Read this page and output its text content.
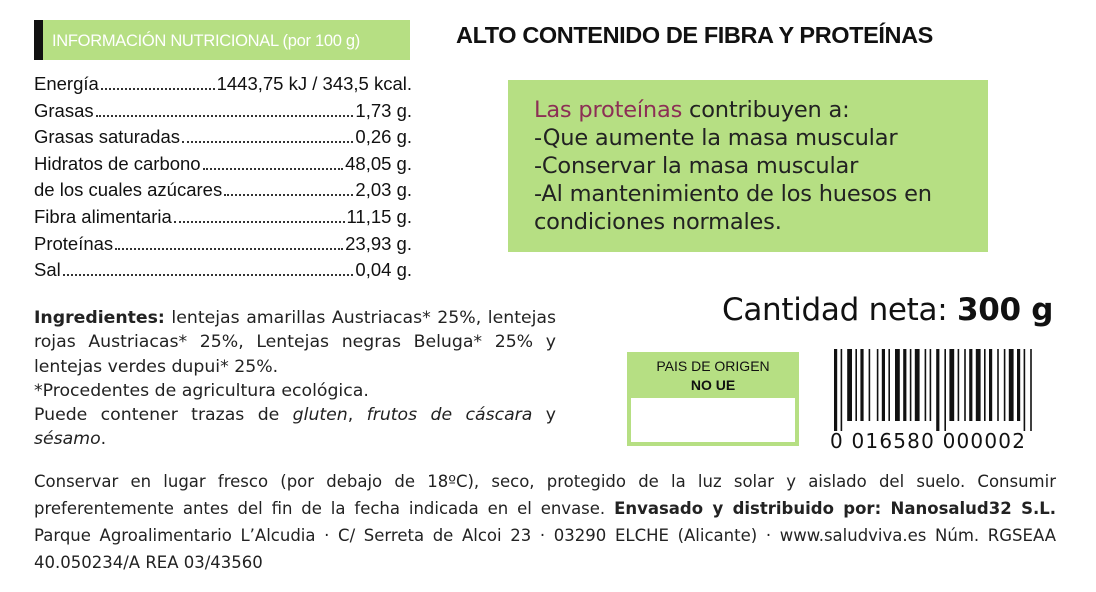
INFORMACIÓN NUTRICIONAL (por 100 g)	ALTO CONTENIDO DE FIBRA Y PROTEÍNAS
Energía	1443,75 kJ / 343,5 kcal.
Grasas	1,73 g.
Grasas saturadas	0,26 g.
Hidratos de carbono	48,05 g.
de los cuales azúcares	2,03 g.
Fibra alimentaria	11,15 g.
Proteínas	23,93 g.
Sal	0,04 g.
Las proteínas contribuyen a:
-Que aumente la masa muscular
-Conservar la masa muscular
-Al mantenimiento de los huesos en
condiciones normales.

Ingredientes: lentejas amarillas Austriacas* 25%, lentejas rojas Austriacas* 25%, Lentejas negras Beluga* 25% y lentejas verdes dupui* 25%.

*Procedentes de agricultura ecológica.

Puede contener trazas de gluten, frutos de cáscara y sésamo.

Cantidad neta: 300 g
PAIS DE ORIGEN
NO UE
0 016580 000002

Conservar en lugar fresco (por debajo de 18ºC), seco, protegido de la luz solar y aislado del suelo. Consumir preferentemente antes del fin de la fecha indicada en el envase. Envasado y distribuido por: Nanosalud32 S.L. Parque Agroalimentario L’Alcudia · C/ Serreta de Alcoi 23 · 03290 ELCHE (Alicante) · www.saludviva.es Núm. RGSEAA 40.050234/A REA 03/43560
